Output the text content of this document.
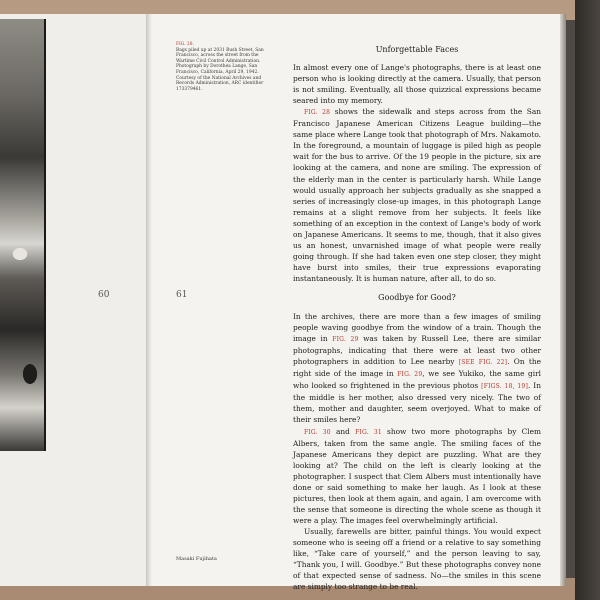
60
FIG. 28.
Bags piled up at 2031 Bush Street, San Francisco, across the street from the Wartime Civil Control Administration. Photograph by Dorothea Lange, San Francisco, California, April 29, 1942. Courtesy of the National Archives and Records Administration, ARC identifier 173379461.
61
Masaki Fujihata
Unforgettable Faces

In almost every one of Lange's photographs, there is at least one person who is looking directly at the camera. Usually, that person is not smiling. Eventually, all those quizzical expressions became seared into my memory.

FIG. 28 shows the sidewalk and steps across from the San Francisco Japanese American Citizens League building—the same place where Lange took that photograph of Mrs. Nakamoto. In the foreground, a mountain of luggage is piled high as people wait for the bus to arrive. Of the 19 people in the picture, six are looking at the camera, and none are smiling. The expression of the elderly man in the center is particularly harsh. While Lange would usually approach her subjects gradually as she snapped a series of increasingly close-up images, in this photograph Lange remains at a slight remove from her subjects. It feels like something of an exception in the context of Lange's body of work on Japanese Americans. It seems to me, though, that it also gives us an honest, unvarnished image of what people were really going through. If she had taken even one step closer, they might have burst into smiles, their true expressions evaporating instantaneously. It is human nature, after all, to do so.

Goodbye for Good?

In the archives, there are more than a few images of smiling people waving goodbye from the window of a train. Though the image in FIG. 29 was taken by Russell Lee, there are similar photographs, indicating that there were at least two other photographers in addition to Lee nearby [SEE FIG. 22]. On the right side of the image in FIG. 29, we see Yukiko, the same girl who looked so frightened in the previous photos [FIGS. 18, 19]. In the middle is her mother, also dressed very nicely. The two of them, mother and daughter, seem overjoyed. What to make of their smiles here?

FIG. 30 and FIG. 31 show two more photographs by Clem Albers, taken from the same angle. The smiling faces of the Japanese Americans they depict are puzzling. What are they looking at? The child on the left is clearly looking at the photographer. I suspect that Clem Albers must intentionally have done or said something to make her laugh. As I look at these pictures, then look at them again, and again, I am overcome with the sense that someone is directing the whole scene as though it were a play. The images feel overwhelmingly artificial.

Usually, farewells are bitter, painful things. You would expect someone who is seeing off a friend or a relative to say something like, “Take care of yourself,” and the person leaving to say, “Thank you, I will. Goodbye.” But these photographs convey none of that expected sense of sadness. No—the smiles in this scene are simply too strange to be real.
